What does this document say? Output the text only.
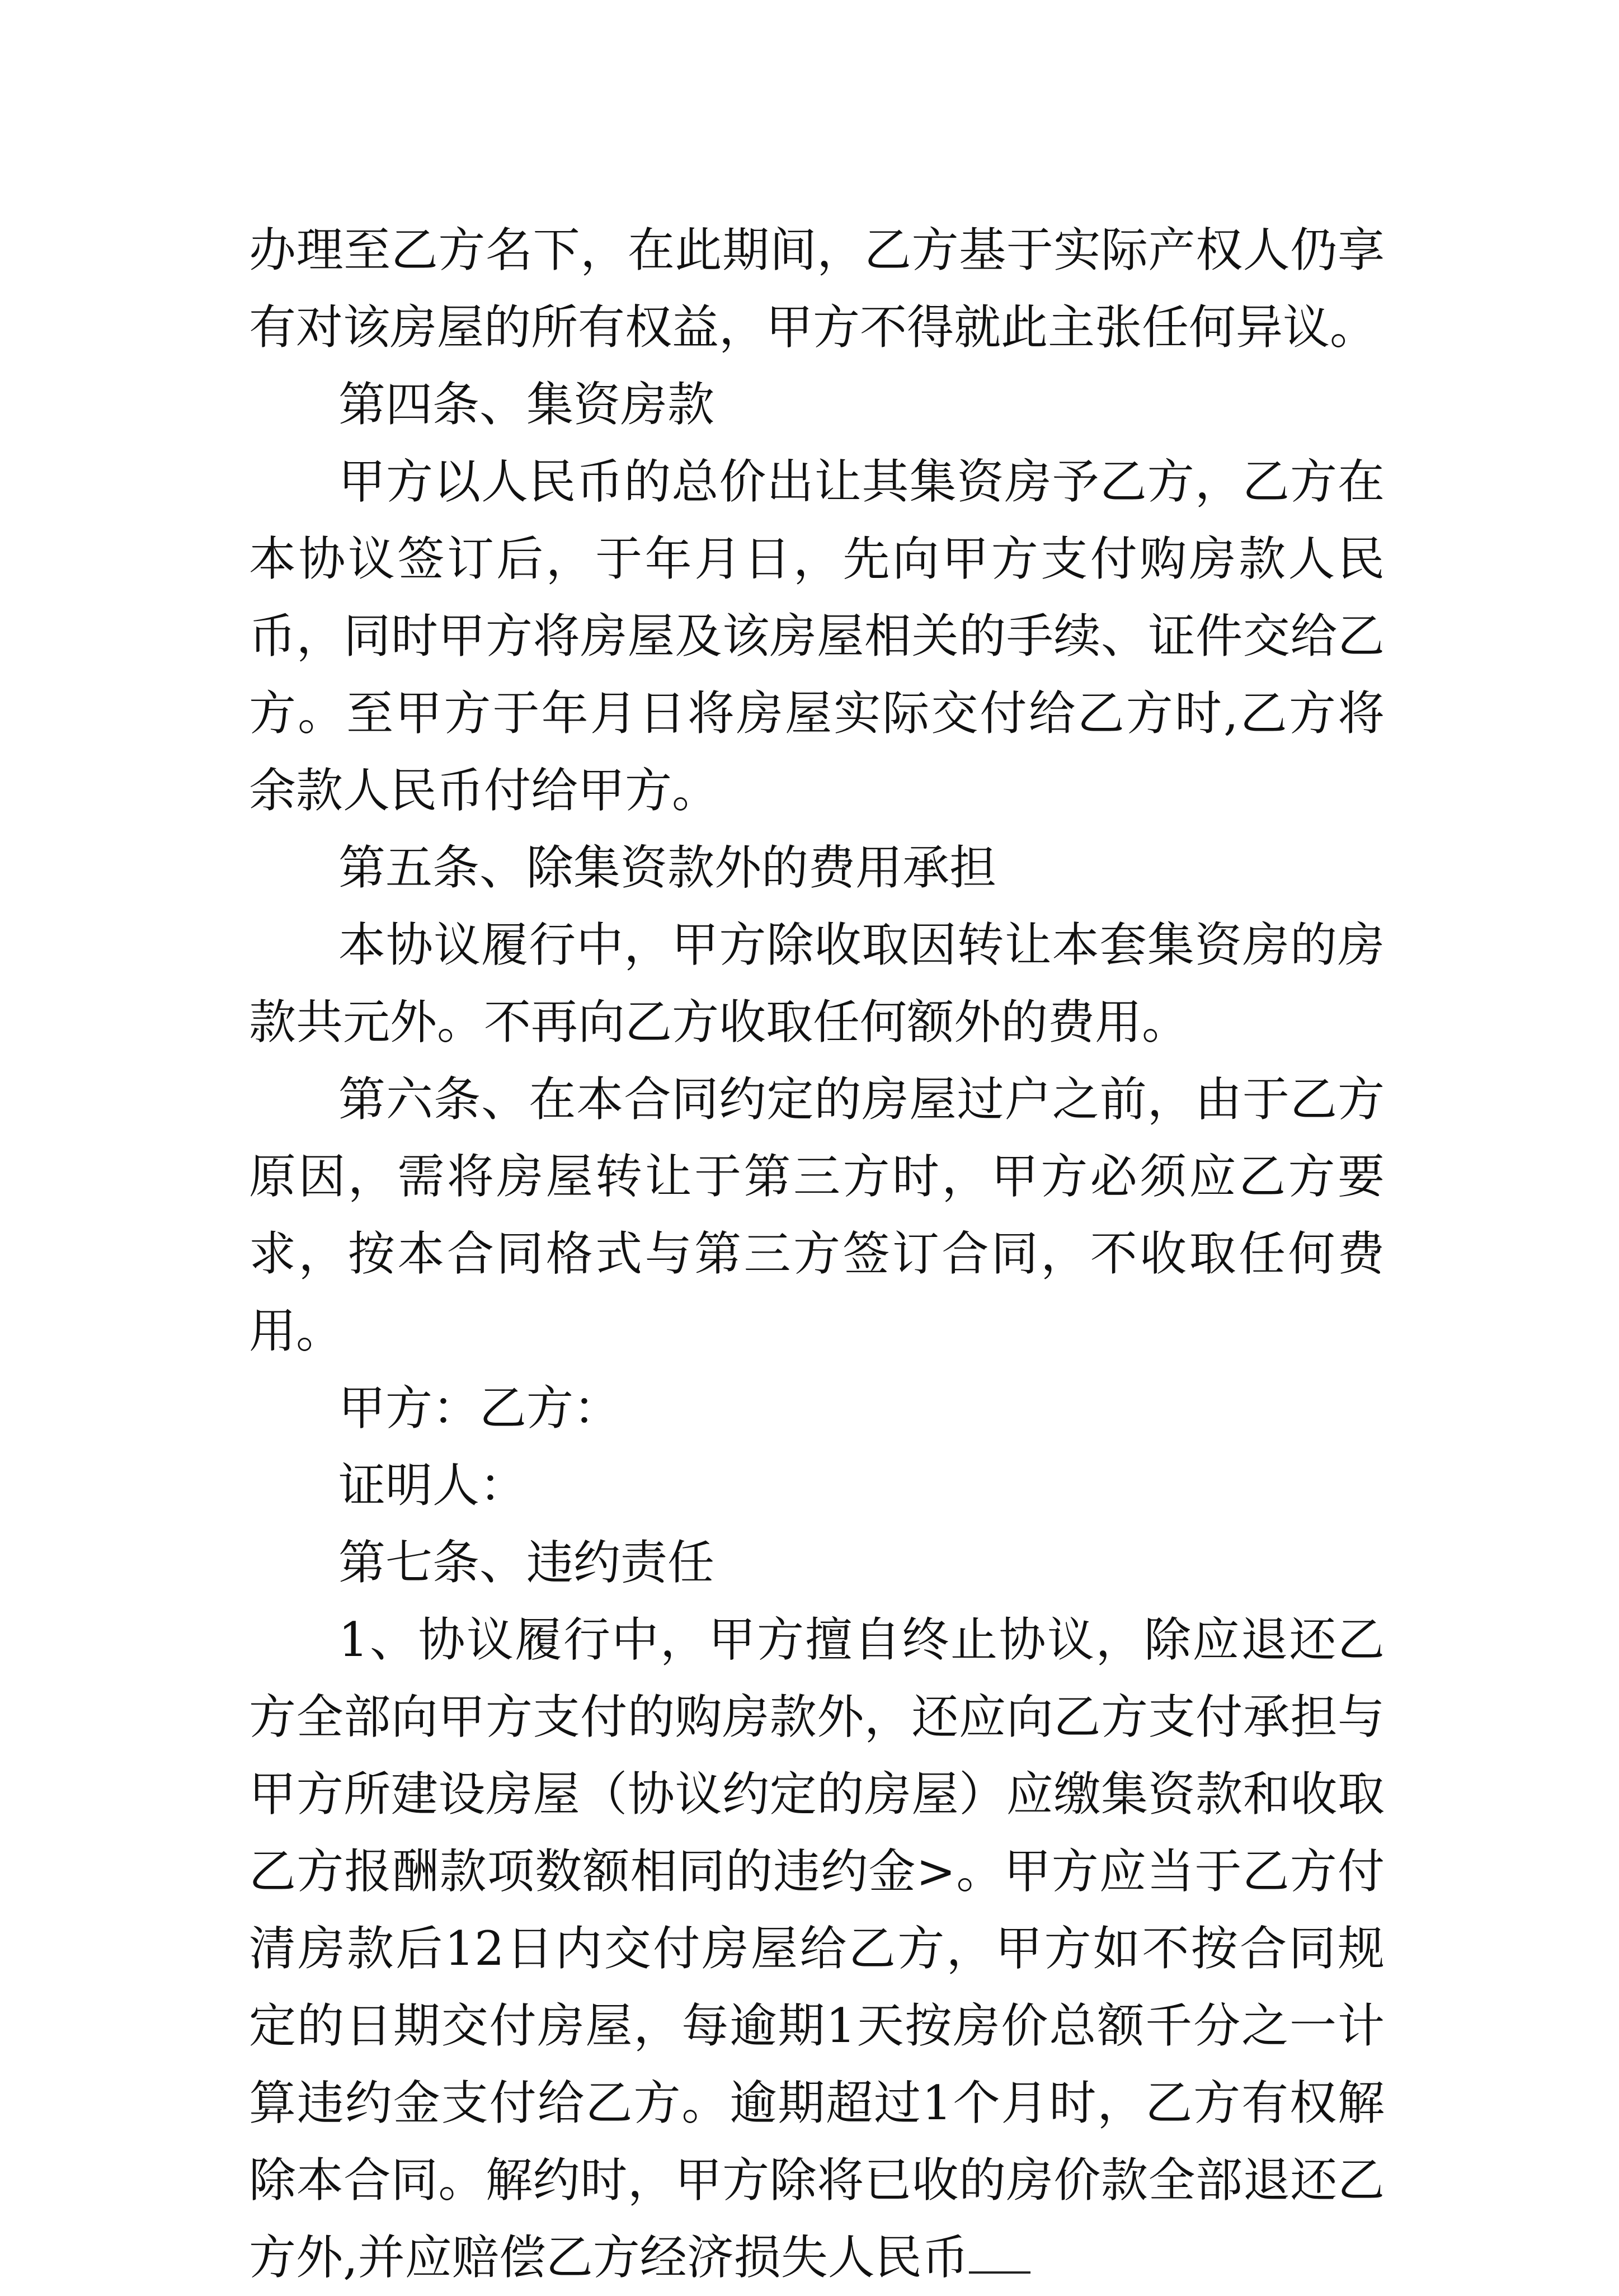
办理至乙方名下，在此期间，乙方基于实际产权人仍享有对该房屋的所有权益，甲方不得就此主张任何异议。

第四条、集资房款

甲方以人民币的总价出让其集资房予乙方，乙方在本协议签订后，于年月日，先向甲方支付购房款人民币，同时甲方将房屋及该房屋相关的手续、证件交给乙方。至甲方于年月日将房屋实际交付给乙方时,乙方将余款人民币付给甲方。

第五条、除集资款外的费用承担

本协议履行中，甲方除收取因转让本套集资房的房款共元外。不再向乙方收取任何额外的费用。

第六条、在本合同约定的房屋过户之前，由于乙方原因，需将房屋转让于第三方时，甲方必须应乙方要求，按本合同格式与第三方签订合同，不收取任何费用。

甲方：乙方：

证明人：

第七条、违约责任

1、协议履行中，甲方擅自终止协议，除应退还乙方全部向甲方支付的购房款外，还应向乙方支付承担与甲方所建设房屋（协议约定的房屋）应缴集资款和收取乙方报酬款项数额相同的违约金>。甲方应当于乙方付清房款后12日内交付房屋给乙方，甲方如不按合同规定的日期交付房屋，每逾期1天按房价总额千分之一计算违约金支付给乙方。逾期超过1个月时，乙方有权解除本合同。解约时，甲方除将已收的房价款全部退还乙方外,并应赔偿乙方经济损失人民币
